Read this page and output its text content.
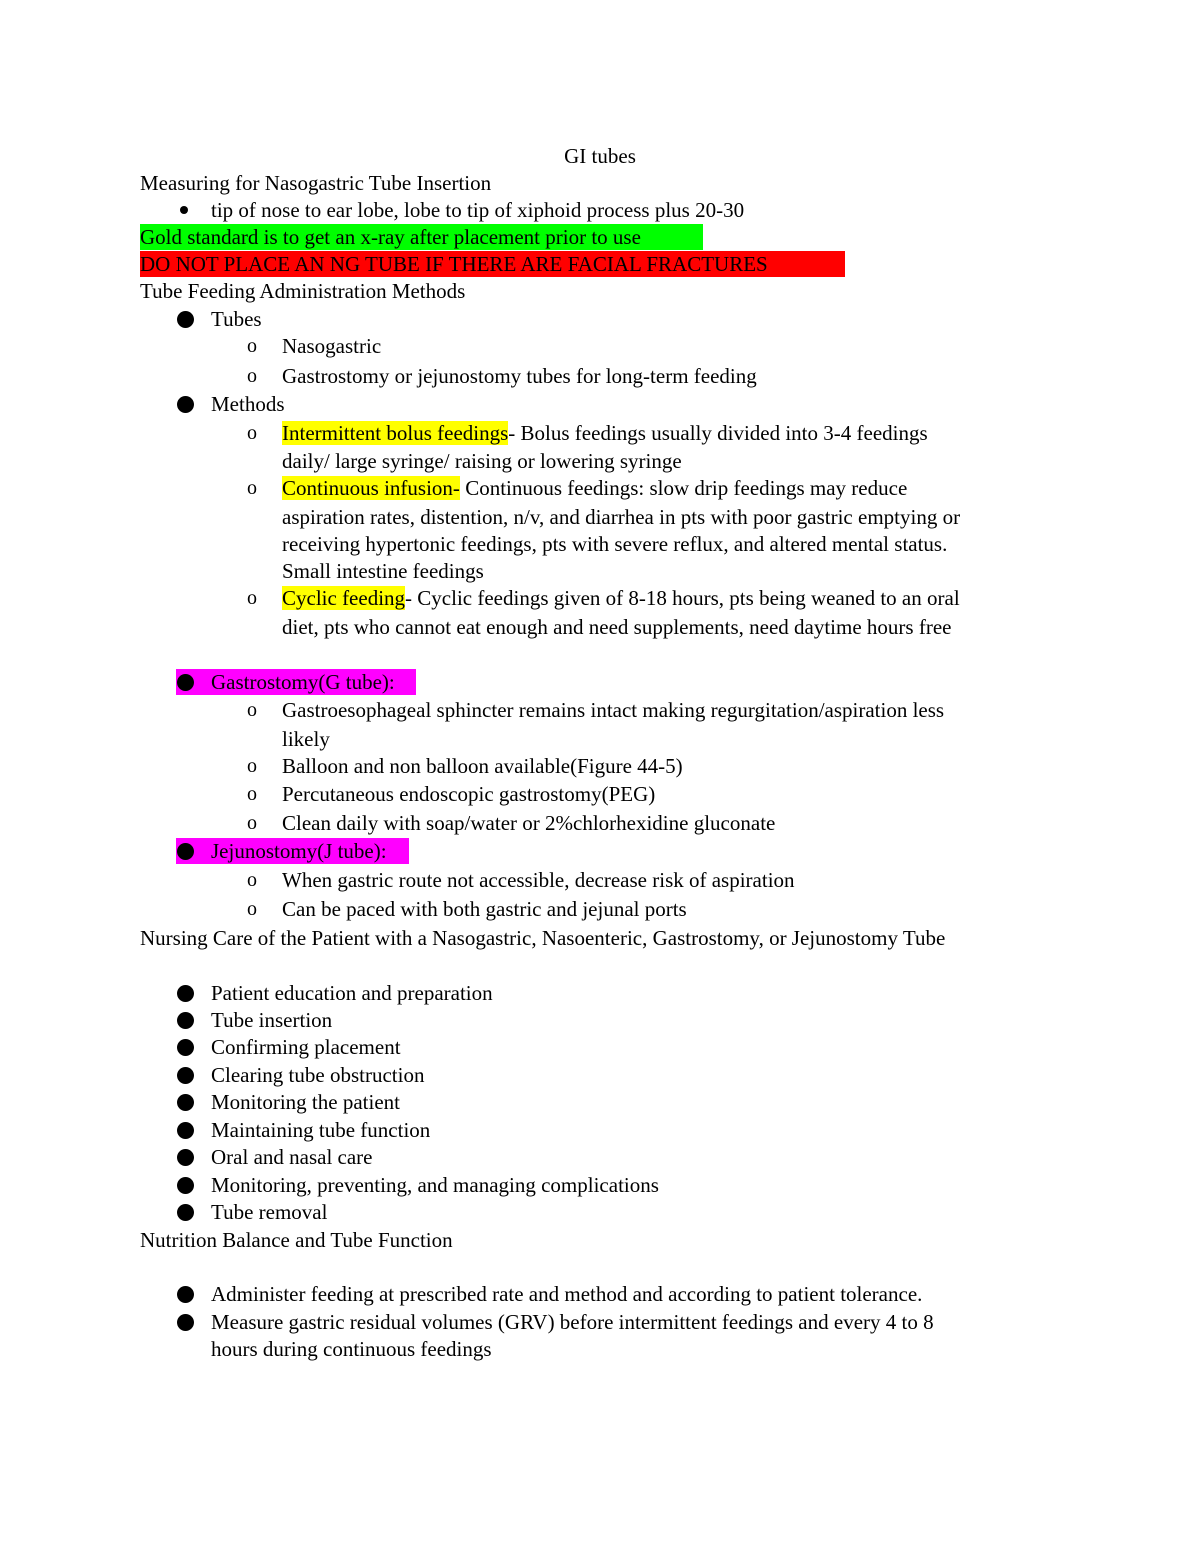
GI tubes
Measuring for Nasogastric Tube Insertion
tip of nose to ear lobe, lobe to tip of xiphoid process plus 20-30
Gold standard is to get an x-ray after placement prior to use
DO NOT PLACE AN NG TUBE IF THERE ARE FACIAL FRACTURES
Tube Feeding Administration Methods
Tubes
o Nasogastric
o Gastrostomy or jejunostomy tubes for long-term feeding
Methods
o Intermittent bolus feedings- Bolus feedings usually divided into 3-4 feedings
daily/ large syringe/ raising or lowering syringe
o Continuous infusion- Continuous feedings: slow drip feedings may reduce
aspiration rates, distention, n/v, and diarrhea in pts with poor gastric emptying or
receiving hypertonic feedings, pts with severe reflux, and altered mental status.
Small intestine feedings
o Cyclic feeding- Cyclic feedings given of 8-18 hours, pts being weaned to an oral
diet, pts who cannot eat enough and need supplements, need daytime hours free
Gastrostomy(G tube):
o Gastroesophageal sphincter remains intact making regurgitation/aspiration less
likely
o Balloon and non balloon available(Figure 44-5)
o Percutaneous endoscopic gastrostomy(PEG)
o Clean daily with soap/water or 2%chlorhexidine gluconate
Jejunostomy(J tube):
o When gastric route not accessible, decrease risk of aspiration
o Can be paced with both gastric and jejunal ports
Nursing Care of the Patient with a Nasogastric, Nasoenteric, Gastrostomy, or Jejunostomy Tube
Patient education and preparation
Tube insertion
Confirming placement
Clearing tube obstruction
Monitoring the patient
Maintaining tube function
Oral and nasal care
Monitoring, preventing, and managing complications
Tube removal
Nutrition Balance and Tube Function
Administer feeding at prescribed rate and method and according to patient tolerance.
Measure gastric residual volumes (GRV) before intermittent feedings and every 4 to 8
hours during continuous feedings
